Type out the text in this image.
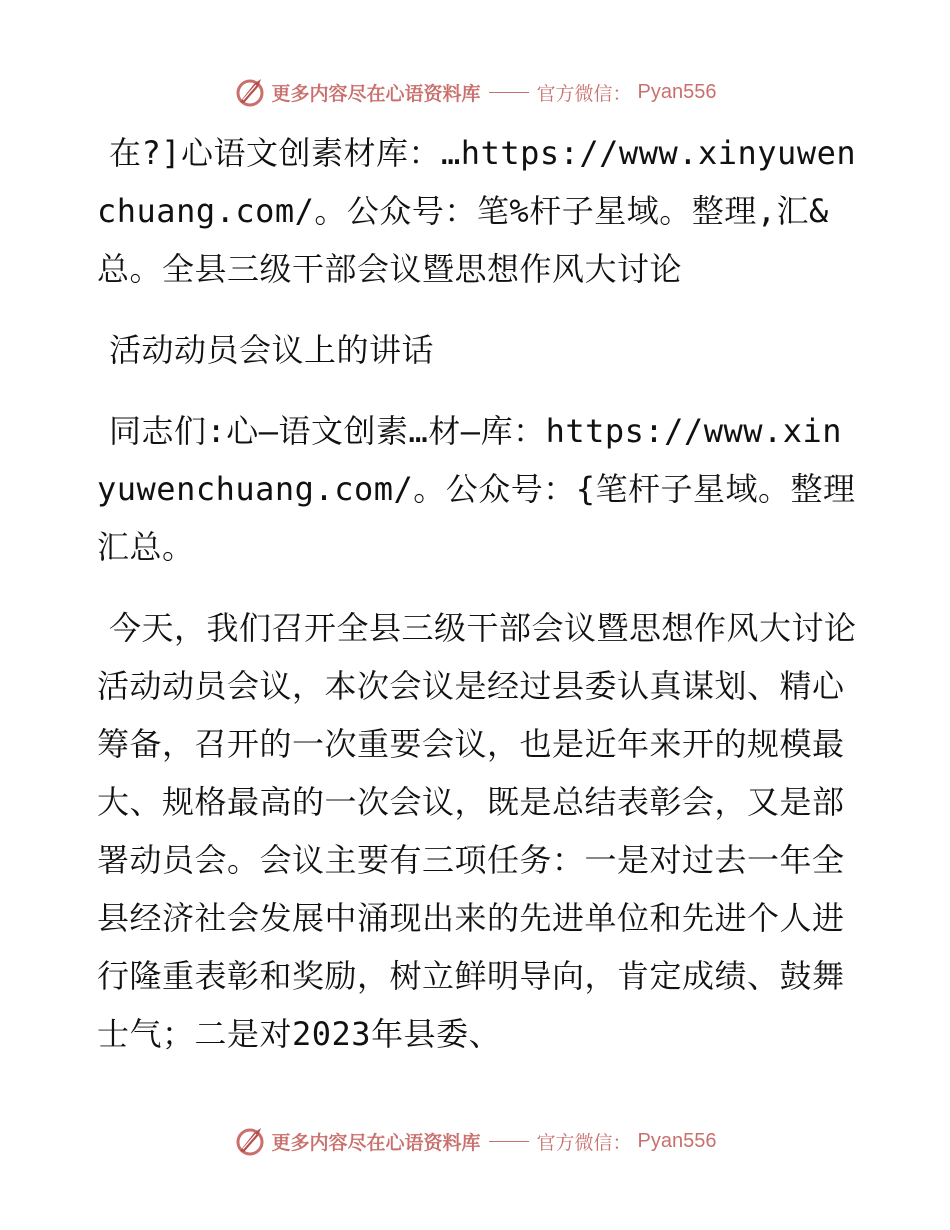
更多内容尽在心语资料库	官方微信： Pyan556

在?]心语文创素材库：…https://www.xinyuwenchuang.com/。公众号：笔%杆子星域。整理,汇&总。全县三级干部会议暨思想作风大讨论

活动动员会议上的讲话

同志们:心—语文创素…材—库：https://www.xinyuwenchuang.com/。公众号：{笔杆子星域。整理汇总。

今天，我们召开全县三级干部会议暨思想作风大讨论活动动员会议，本次会议是经过县委认真谋划、精心筹备，召开的一次重要会议，也是近年来开的规模最大、规格最高的一次会议，既是总结表彰会，又是部署动员会。会议主要有三项任务：一是对过去一年全县经济社会发展中涌现出来的先进单位和先进个人进行隆重表彰和奖励，树立鲜明导向，肯定成绩、鼓舞士气；二是对2023年县委、

更多内容尽在心语资料库	官方微信： Pyan556
